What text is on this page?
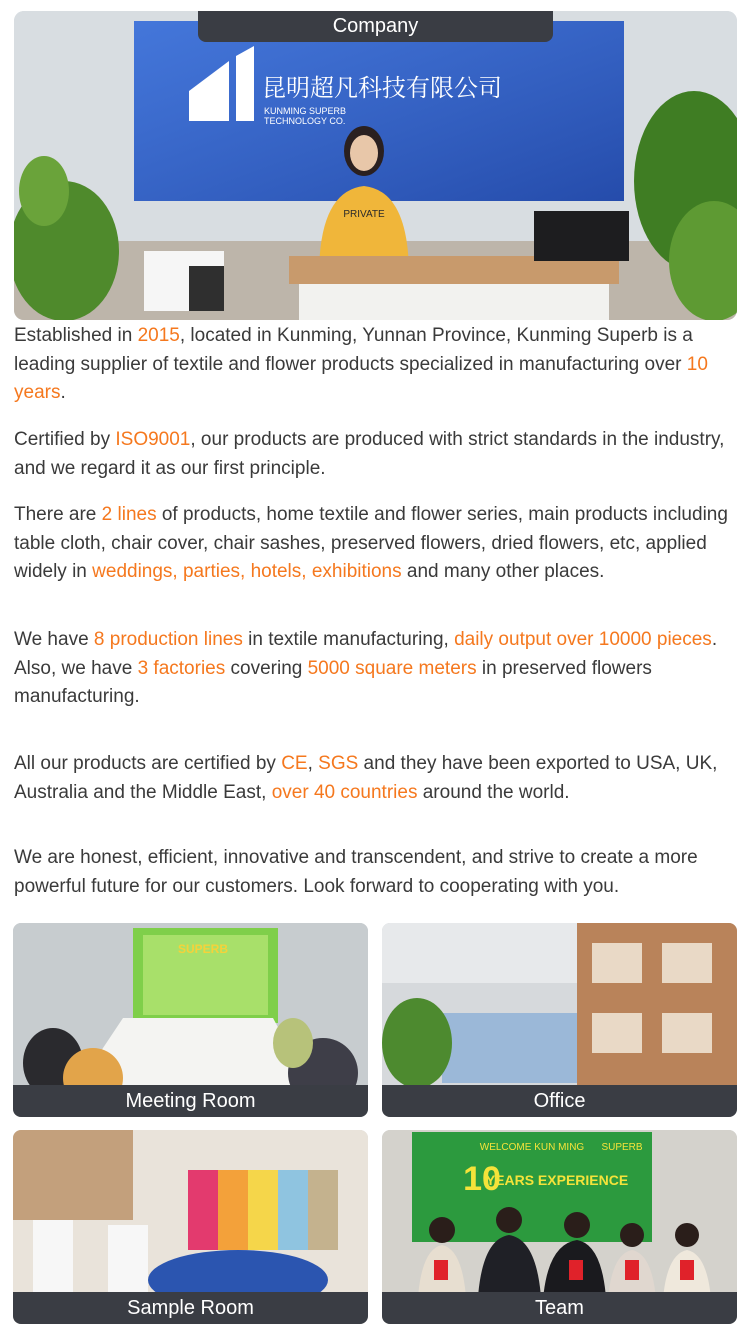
昆明超凡科技有限公司
KUNMING SUPERB
TECHNOLOGY CO.
PRIVATE
Company

Established in 2015, located in Kunming, Yunnan Province, Kunming Superb is a leading supplier of textile and flower products specialized in manufacturing over 10 years.

Certified by ISO9001, our products are produced with strict standards in the industry, and we regard it as our first principle.

There are 2 lines of products, home textile and flower series, main products including table cloth, chair cover, chair sashes, preserved flowers, dried flowers, etc, applied widely in weddings, parties, hotels, exhibitions and many other places.

We have 8 production lines in textile manufacturing, daily output over 10000 pieces. Also, we have 3 factories covering 5000 square meters in preserved flowers manufacturing.

All our products are certified by CE, SGS and they have been exported to USA, UK, Australia and the Middle East, over 40 countries around the world.

We are honest, efficient, innovative and transcendent, and strive to create a more powerful future for our customers. Look forward to cooperating with you.

SUPERB
Meeting Room	Office
Sample Room
WELCOME KUN MING SUPERB
10
YEARS EXPERIENCE
Team
